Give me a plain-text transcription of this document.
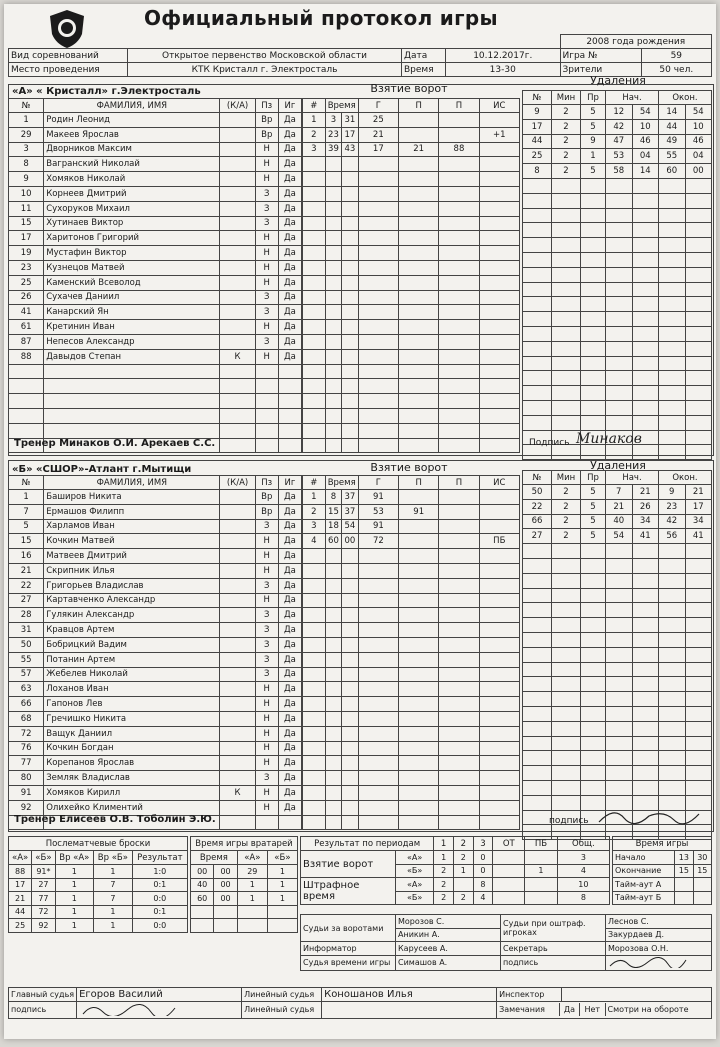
Официальный протокол игры
				2008 года рождения	
Вид соревнований	Открытое первенство Московской области	Дата	10.12.2017г.	Игра №	59
Место проведения	КТК Кристалл г. Электросталь	Время	13-30	Зрители	50 чел.
«А» « Кристалл» г.Электросталь	Взятие ворот
Удаления
№	ФАМИЛИЯ, ИМЯ	(К/А)	Пз	Иг
1	Родин Леонид		Вр	Да
29	Макеев Ярослав		Вр	Да
3	Дворников Максим		Н	Да
8	Вагранский Николай		Н	Да
9	Хомяков Николай		Н	Да
10	Корнеев Дмитрий		З	Да
11	Сухоруков Михаил		З	Да
15	Хутинаев Виктор		З	Да
17	Харитонов Григорий		Н	Да
19	Мустафин Виктор		Н	Да
23	Кузнецов Матвей		Н	Да
25	Каменский Всеволод		Н	Да
26	Сухачев Даниил		З	Да
41	Канарский Ян		З	Да
61	Кретинин Иван		Н	Да
87	Непесов Александр		З	Да
88	Давыдов Степан	К	Н	Да

#	Время		Г	П	П	ИС
1	3	31	25			
2	23	17	21			+1
3	39	43	17	21	88	

№	Мин	Пр	Нач.		Окон.	
9	2	5	12	54	14	54
17	2	5	42	10	44	10
44	2	9	47	46	49	46
25	2	1	53	04	55	04
8	2	5	58	14	60	00

Тренер Минаков О.И. Арекаев С.С.	Подпись Минаков
«Б» «СШОР»-Атлант г.Мытищи	Взятие ворот	Удаления
№	ФАМИЛИЯ, ИМЯ	(К/А)	Пз	Иг
1	Баширов Никита		Вр	Да
7	Ермашов Филипп		Вр	Да
5	Харламов Иван		З	Да
15	Кочкин Матвей		Н	Да
16	Матвеев Дмитрий		Н	Да
21	Скрипник Илья		Н	Да
22	Григорьев Владислав		З	Да
27	Картавченко Александр		Н	Да
28	Гулякин Александр		З	Да
31	Кравцов Артем		З	Да
50	Бобрицкий Вадим		З	Да
55	Потанин Артем		З	Да
57	Жебелев Николай		З	Да
63	Лоханов Иван		Н	Да
66	Гапонов Лев		Н	Да
68	Гречишко Никита		Н	Да
72	Ващук Даниил		Н	Да
76	Кочкин Богдан		Н	Да
77	Корепанов Ярослав		Н	Да
80	Земляк Владислав		З	Да
91	Хомяков Кирилл	К	Н	Да
92	Олихейко Климентий		Н	Да

#	Время		Г	П	П	ИС
1	8	37	91			
2	15	37	53	91		
3	18	54	91			
4	60	00	72			ПБ

№	Мин	Пр	Нач.		Окон.	
50	2	5	7	21	9	21
22	2	5	21	26	23	17
66	2	5	40	34	42	34
27	2	5	54	41	56	41

Тренер Елисеев О.В. Тоболин Э.Ю.	подпись
Послематчевые броски				
«А»	«Б»	Вр «А»	Вр «Б»	Результат
88	91*	1	1	1:0
17	27	1	7	0:1
21	77	1	7	0:0
44	72	1	1	0:1
25	92	1	1	0:0
Время игры вратарей			
Время		«А»	«Б»
00	00	29	1
40	00	1	1
60	00	1	1

Результат по периодам		1	2	3	ОТ	ПБ	Общ.
Взятие ворот	«А»	1	2	0			3
	«Б»	2	1	0		1	4
Штрафное время	«А»	2		8			10
	«Б»	2	2	4			8
Время игры		
Начало	13	30
Окончание	15	15
Тайм-аут А		
Тайм-аут Б		
Судьи за воротами	Морозов С.	Судьи при оштраф. игроках	Леснов С.
	Аникин А.		Закурдаев Д.
Информатор	Карусеев А.	Секретарь	Морозова О.Н.
Судья времени игры	Симашов А.	подпись	
Главный судья	Егоров Василий	Линейный судья	Коношанов Илья	Инспектор	
подпись		Линейный судья			Замечания	Да	Нет	Смотри на обороте
